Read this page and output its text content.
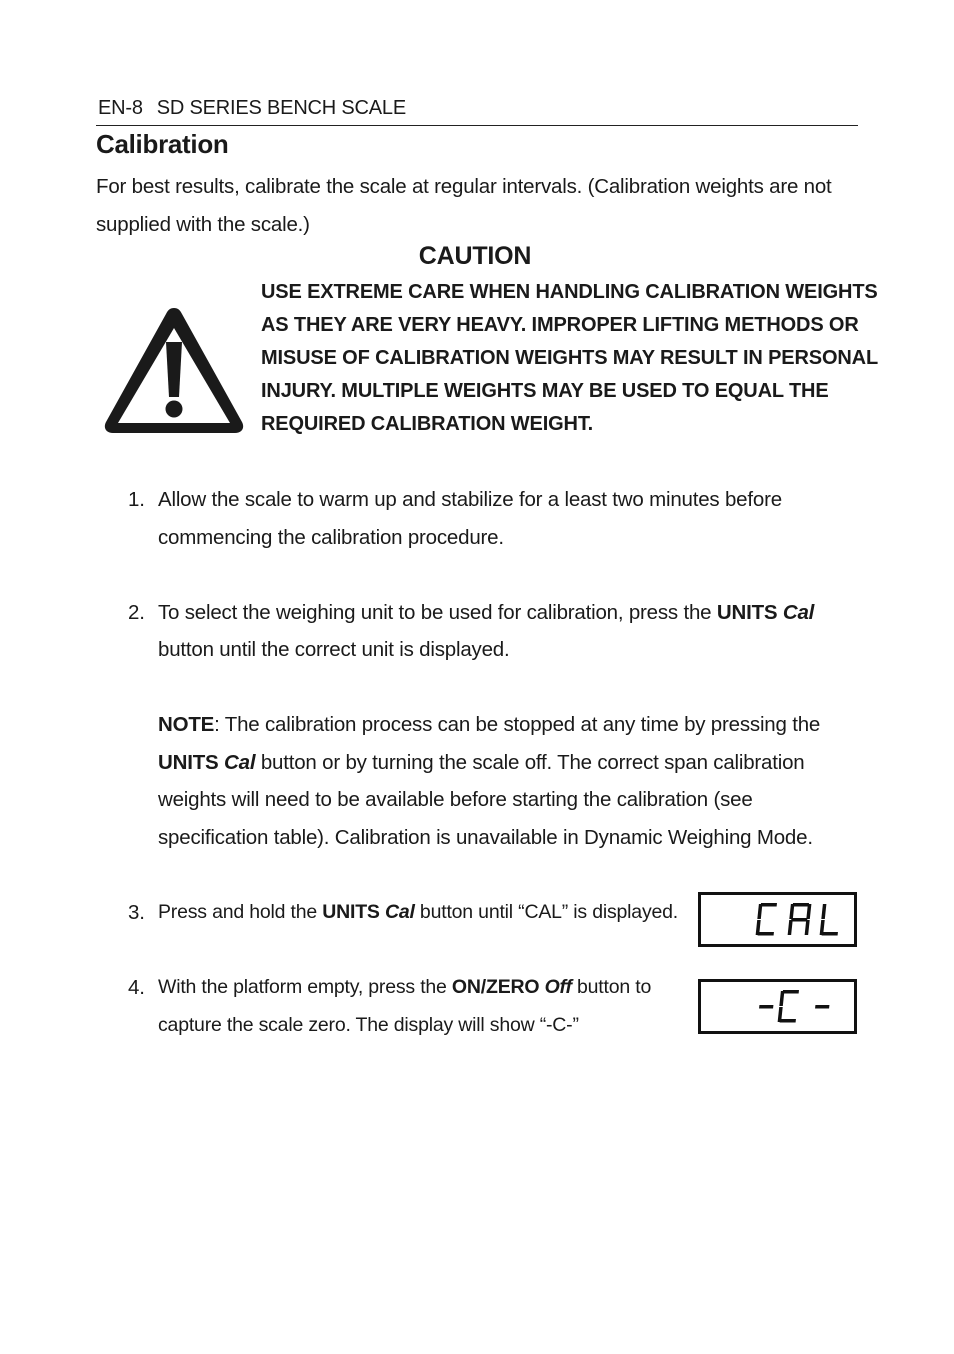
EN-8 SD SERIES BENCH SCALE
Calibration
For best results, calibrate the scale at regular intervals. (Calibration weights are not
supplied with the scale.)
CAUTION
USE EXTREME CARE WHEN HANDLING CALIBRATION WEIGHTS
AS THEY ARE VERY HEAVY. IMPROPER LIFTING METHODS OR
MISUSE OF CALIBRATION WEIGHTS MAY RESULT IN PERSONAL
INJURY. MULTIPLE WEIGHTS MAY BE USED TO EQUAL THE
REQUIRED CALIBRATION WEIGHT.
1. Allow the scale to warm up and stabilize for a least two minutes before
commencing the calibration procedure.
2. To select the weighing unit to be used for calibration, press the UNITS Cal
button until the correct unit is displayed.
NOTE: The calibration process can be stopped at any time by pressing the
UNITS Cal button or by turning the scale off. The correct span calibration
weights will need to be available before starting the calibration (see
specification table). Calibration is unavailable in Dynamic Weighing Mode.
3. Press and hold the UNITS Cal button until “CAL” is displayed.
4. With the platform empty, press the ON/ZERO Off button to
capture the scale zero. The display will show “-C-”
